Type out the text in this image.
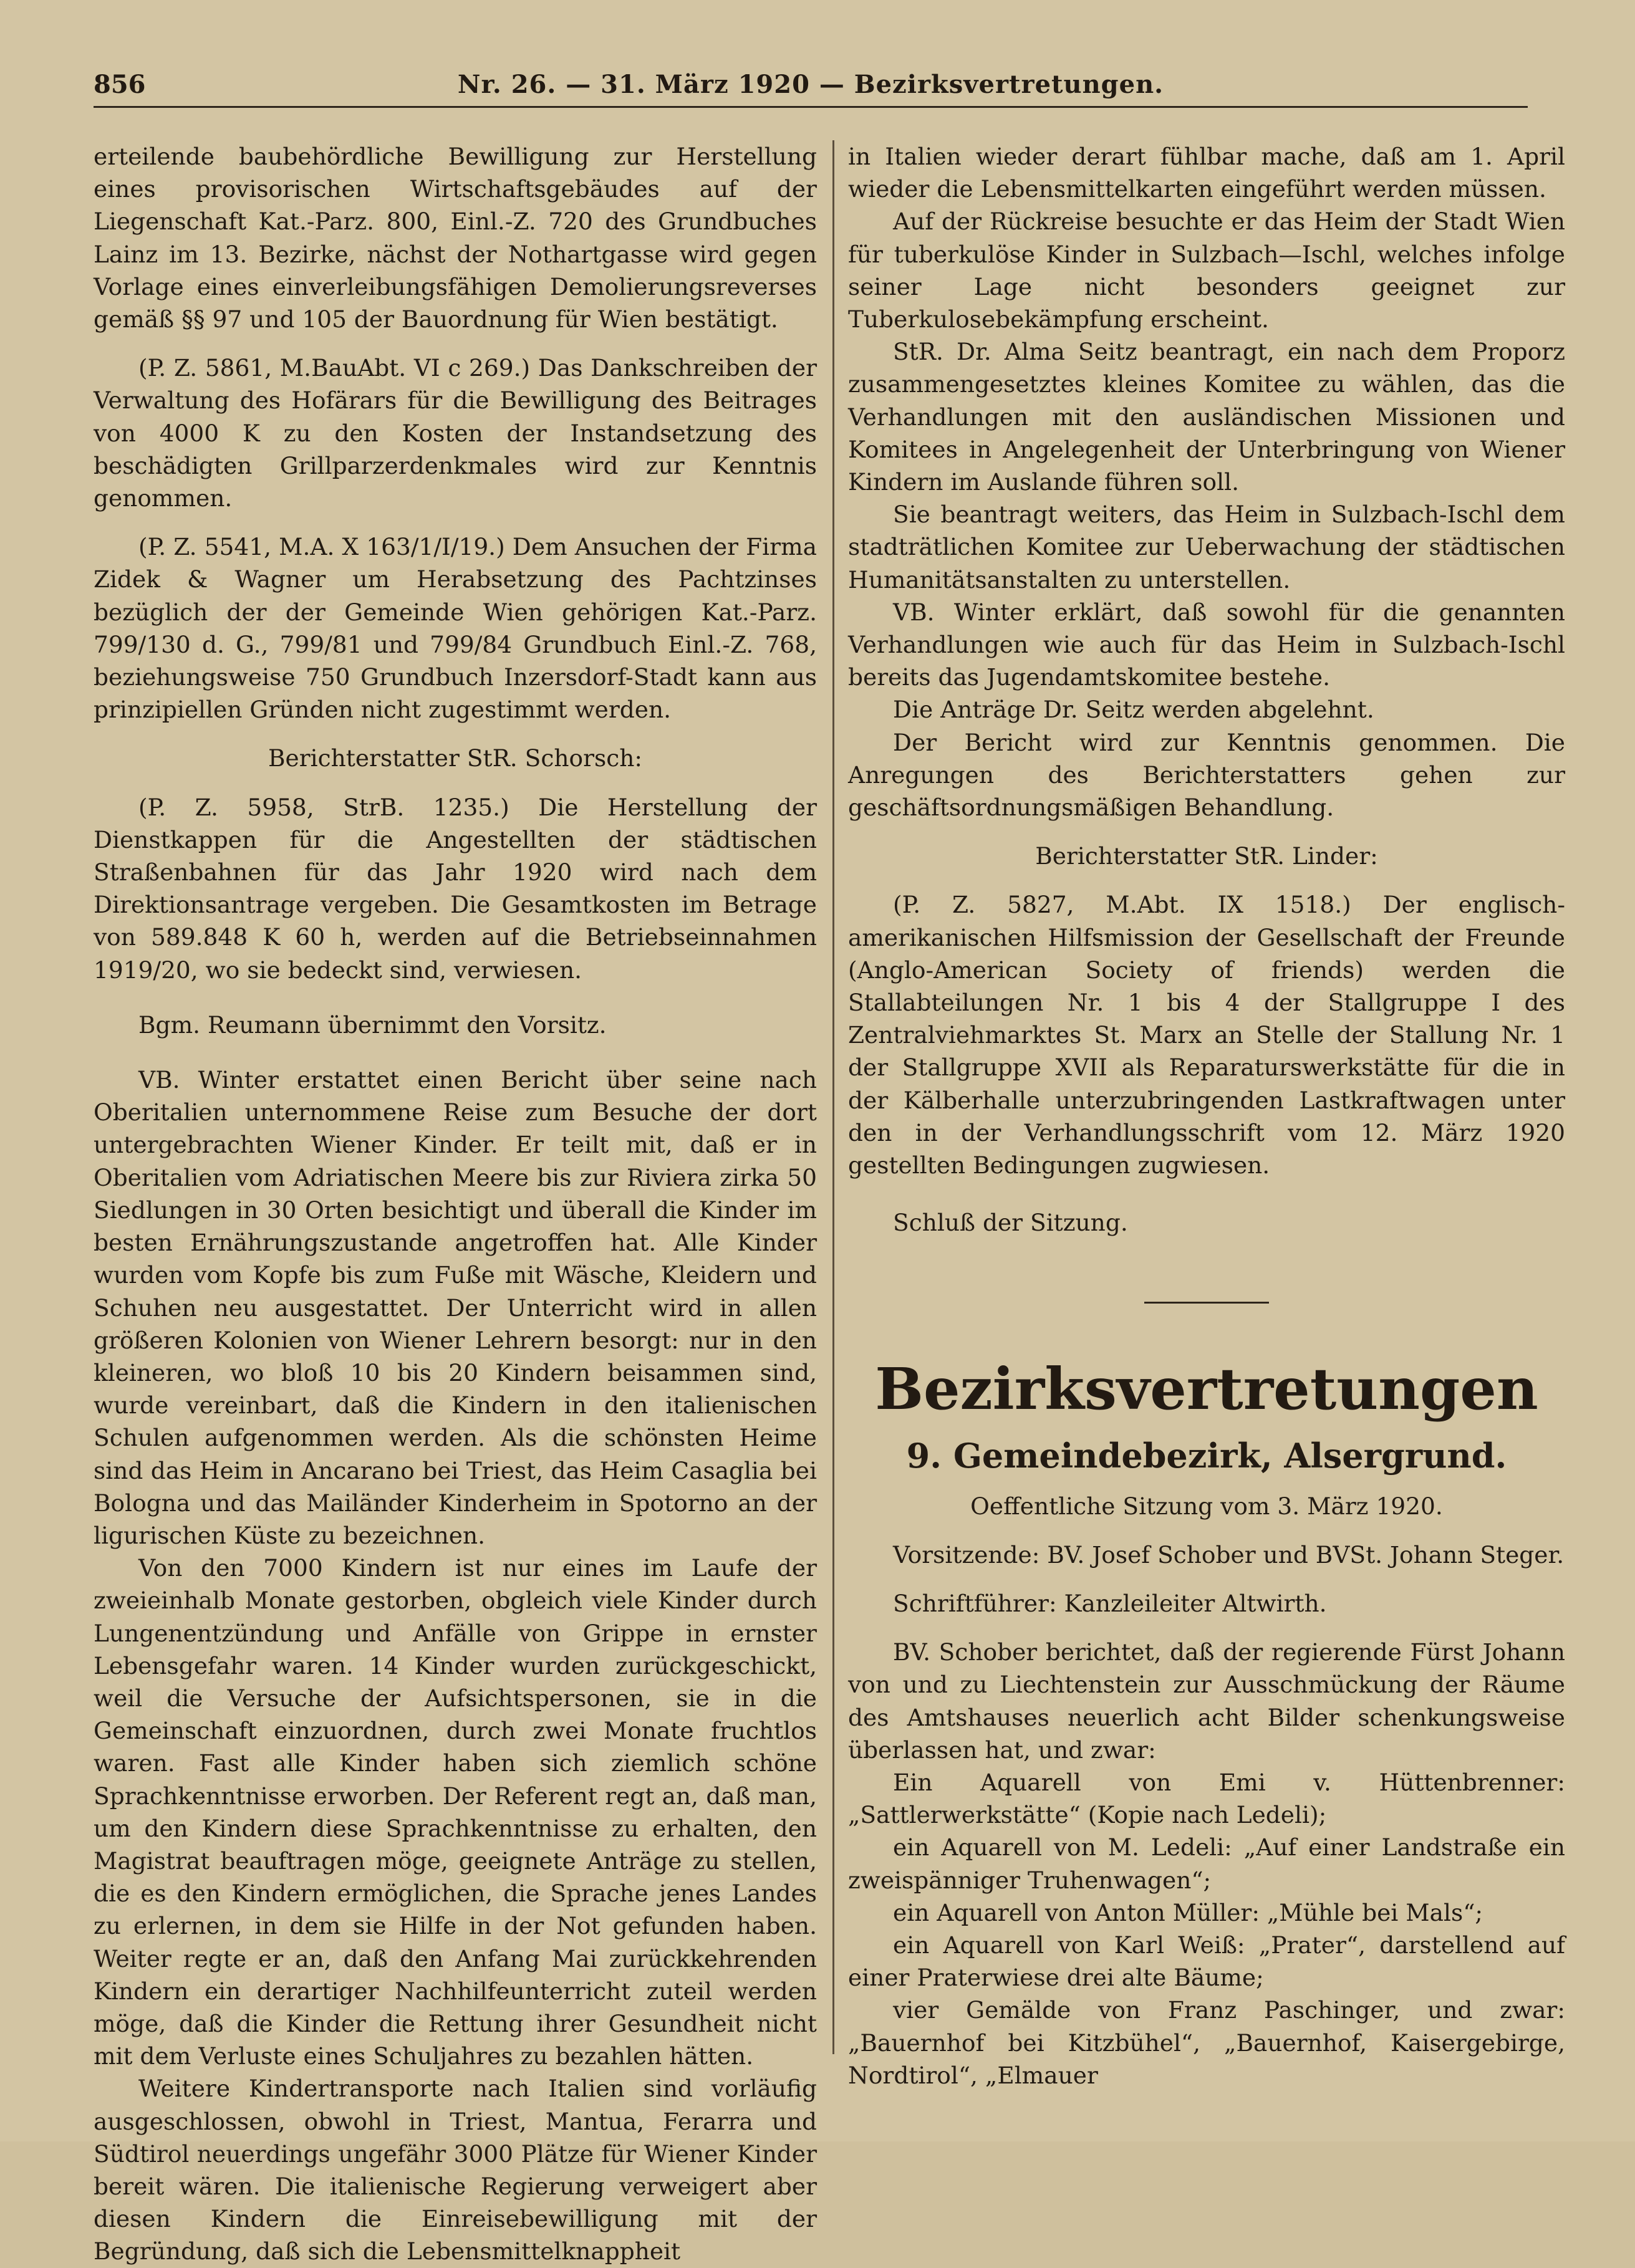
856	Nr. 26. — 31. März 1920 — Bezirksvertretungen.

erteilende baubehördliche Bewilligung zur Herstellung eines provisorischen Wirtschaftsgebäudes auf der Liegenschaft Kat.-Parz. 800, Einl.-Z. 720 des Grundbuches Lainz im 13. Bezirke, nächst der Nothartgasse wird gegen Vorlage eines einverleibungsfähigen Demolierungsreverses gemäß §§ 97 und 105 der Bauordnung für Wien bestätigt.

(P. Z. 5861, M.BauAbt. VI c 269.) Das Dankschreiben der Verwaltung des Hofärars für die Bewilligung des Beitrages von 4000 K zu den Kosten der Instandsetzung des beschädigten Grillparzerdenkmales wird zur Kenntnis genommen.

(P. Z. 5541, M.A. X 163/1/I/19.) Dem Ansuchen der Firma Zidek & Wagner um Herabsetzung des Pachtzinses bezüglich der der Gemeinde Wien gehörigen Kat.-Parz. 799/130 d. G., 799/81 und 799/84 Grundbuch Einl.-Z. 768, beziehungsweise 750 Grundbuch Inzersdorf-Stadt kann aus prinzipiellen Gründen nicht zugestimmt werden.

Berichterstatter StR. Schorsch:

(P. Z. 5958, StrB. 1235.) Die Herstellung der Dienstkappen für die Angestellten der städtischen Straßenbahnen für das Jahr 1920 wird nach dem Direktionsantrage vergeben. Die Gesamtkosten im Betrage von 589.848 K 60 h, werden auf die Betriebseinnahmen 1919/20, wo sie bedeckt sind, verwiesen.

Bgm. Reumann übernimmt den Vorsitz.

VB. Winter erstattet einen Bericht über seine nach Oberitalien unternommene Reise zum Besuche der dort untergebrachten Wiener Kinder. Er teilt mit, daß er in Oberitalien vom Adriatischen Meere bis zur Riviera zirka 50 Siedlungen in 30 Orten besichtigt und überall die Kinder im besten Ernährungszustande angetroffen hat. Alle Kinder wurden vom Kopfe bis zum Fuße mit Wäsche, Kleidern und Schuhen neu ausgestattet. Der Unterricht wird in allen größeren Kolonien von Wiener Lehrern besorgt: nur in den kleineren, wo bloß 10 bis 20 Kindern beisammen sind, wurde vereinbart, daß die Kindern in den italienischen Schulen aufgenommen werden. Als die schönsten Heime sind das Heim in Ancarano bei Triest, das Heim Casaglia bei Bologna und das Mailänder Kinderheim in Spotorno an der ligurischen Küste zu bezeichnen.

Von den 7000 Kindern ist nur eines im Laufe der zweieinhalb Monate gestorben, obgleich viele Kinder durch Lungenentzündung und Anfälle von Grippe in ernster Lebensgefahr waren. 14 Kinder wurden zurückgeschickt, weil die Versuche der Aufsichtspersonen, sie in die Gemeinschaft einzuordnen, durch zwei Monate fruchtlos waren. Fast alle Kinder haben sich ziemlich schöne Sprachkenntnisse erworben. Der Referent regt an, daß man, um den Kindern diese Sprachkenntnisse zu erhalten, den Magistrat beauftragen möge, geeignete Anträge zu stellen, die es den Kindern ermöglichen, die Sprache jenes Landes zu erlernen, in dem sie Hilfe in der Not gefunden haben. Weiter regte er an, daß den Anfang Mai zurückkehrenden Kindern ein derartiger Nachhilfeunterricht zuteil werden möge, daß die Kinder die Rettung ihrer Gesundheit nicht mit dem Verluste eines Schuljahres zu bezahlen hätten.

Weitere Kindertransporte nach Italien sind vorläufig ausgeschlossen, obwohl in Triest, Mantua, Ferarra und Südtirol neuerdings ungefähr 3000 Plätze für Wiener Kinder bereit wären. Die italienische Regierung verweigert aber diesen Kindern die Einreisebewilligung mit der Begründung, daß sich die Lebensmittelknappheit

in Italien wieder derart fühlbar mache, daß am 1. April wieder die Lebensmittelkarten eingeführt werden müssen.

Auf der Rückreise besuchte er das Heim der Stadt Wien für tuberkulöse Kinder in Sulzbach—Ischl, welches infolge seiner Lage nicht besonders geeignet zur Tuberkulosebekämpfung erscheint.

StR. Dr. Alma Seitz beantragt, ein nach dem Proporz zusammengesetztes kleines Komitee zu wählen, das die Verhandlungen mit den ausländischen Missionen und Komitees in Angelegenheit der Unterbringung von Wiener Kindern im Auslande führen soll.

Sie beantragt weiters, das Heim in Sulzbach-Ischl dem stadträtlichen Komitee zur Ueberwachung der städtischen Humanitätsanstalten zu unterstellen.

VB. Winter erklärt, daß sowohl für die genannten Verhandlungen wie auch für das Heim in Sulzbach-Ischl bereits das Jugendamtskomitee bestehe.

Die Anträge Dr. Seitz werden abgelehnt.

Der Bericht wird zur Kenntnis genommen. Die Anregungen des Berichterstatters gehen zur geschäftsordnungsmäßigen Behandlung.

Berichterstatter StR. Linder:

(P. Z. 5827, M.Abt. IX 1518.) Der englisch-amerikanischen Hilfsmission der Gesellschaft der Freunde (Anglo-American Society of friends) werden die Stallabteilungen Nr. 1 bis 4 der Stallgruppe I des Zentralviehmarktes St. Marx an Stelle der Stallung Nr. 1 der Stallgruppe XVII als Reparaturswerkstätte für die in der Kälberhalle unterzubringenden Lastkraftwagen unter den in der Verhandlungsschrift vom 12. März 1920 gestellten Bedingungen zugwiesen.

Schluß der Sitzung.

Bezirksvertretungen
9. Gemeindebezirk, Alsergrund.

Oeffentliche Sitzung vom 3. März 1920.

Vorsitzende: BV. Josef Schober und BVSt. Johann Steger.

Schriftführer: Kanzleileiter Altwirth.

BV. Schober berichtet, daß der regierende Fürst Johann von und zu Liechtenstein zur Ausschmückung der Räume des Amtshauses neuerlich acht Bilder schenkungsweise überlassen hat, und zwar:

Ein Aquarell von Emi v. Hüttenbrenner: „Sattlerwerkstätte“ (Kopie nach Ledeli);

ein Aquarell von M. Ledeli: „Auf einer Landstraße ein zweispänniger Truhenwagen“;

ein Aquarell von Anton Müller: „Mühle bei Mals“;

ein Aquarell von Karl Weiß: „Prater“, darstellend auf einer Praterwiese drei alte Bäume;

vier Gemälde von Franz Paschinger, und zwar: „Bauernhof bei Kitzbühel“, „Bauernhof, Kaisergebirge, Nordtirol“, „Elmauer
